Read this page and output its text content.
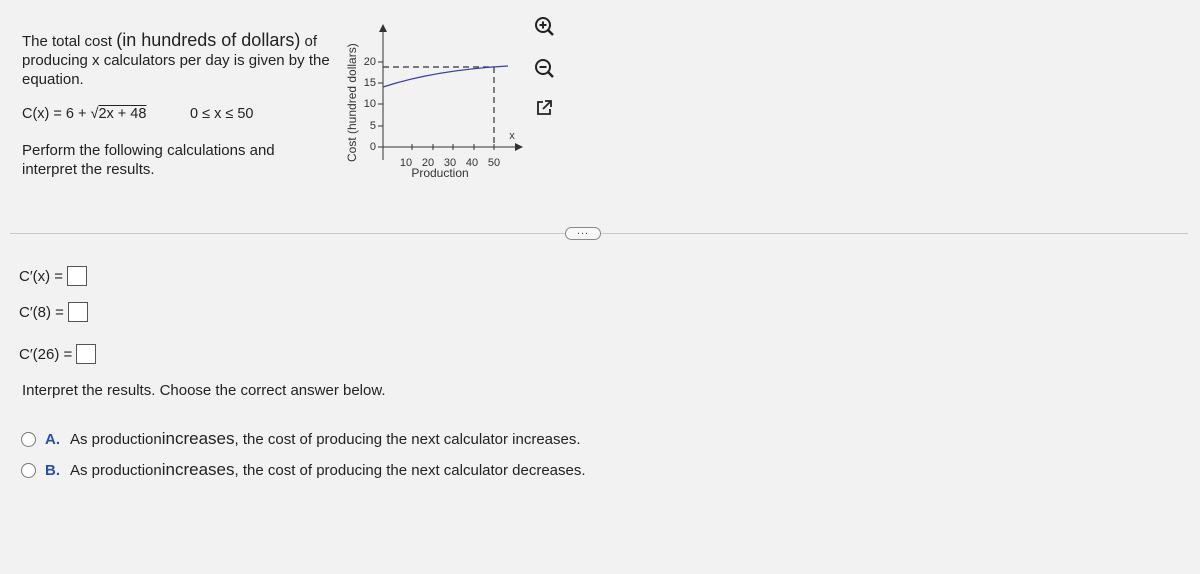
The total cost (in hundreds of dollars) of producing x calculators per day is given by the equation.
C(x) = 6 + √2x + 48	0 ≤ x ≤ 50
Perform the following calculations and interpret the results.
Cost (hundred dollars) 20
15
10
5
0
10 20 30 40 50
Production
x
...
C′(x) =
C′(8) =
C′(26) =
Interpret the results. Choose the correct answer below.
A. As production increases , the cost of producing the next calculator increases.
B. As production increases , the cost of producing the next calculator decreases.
